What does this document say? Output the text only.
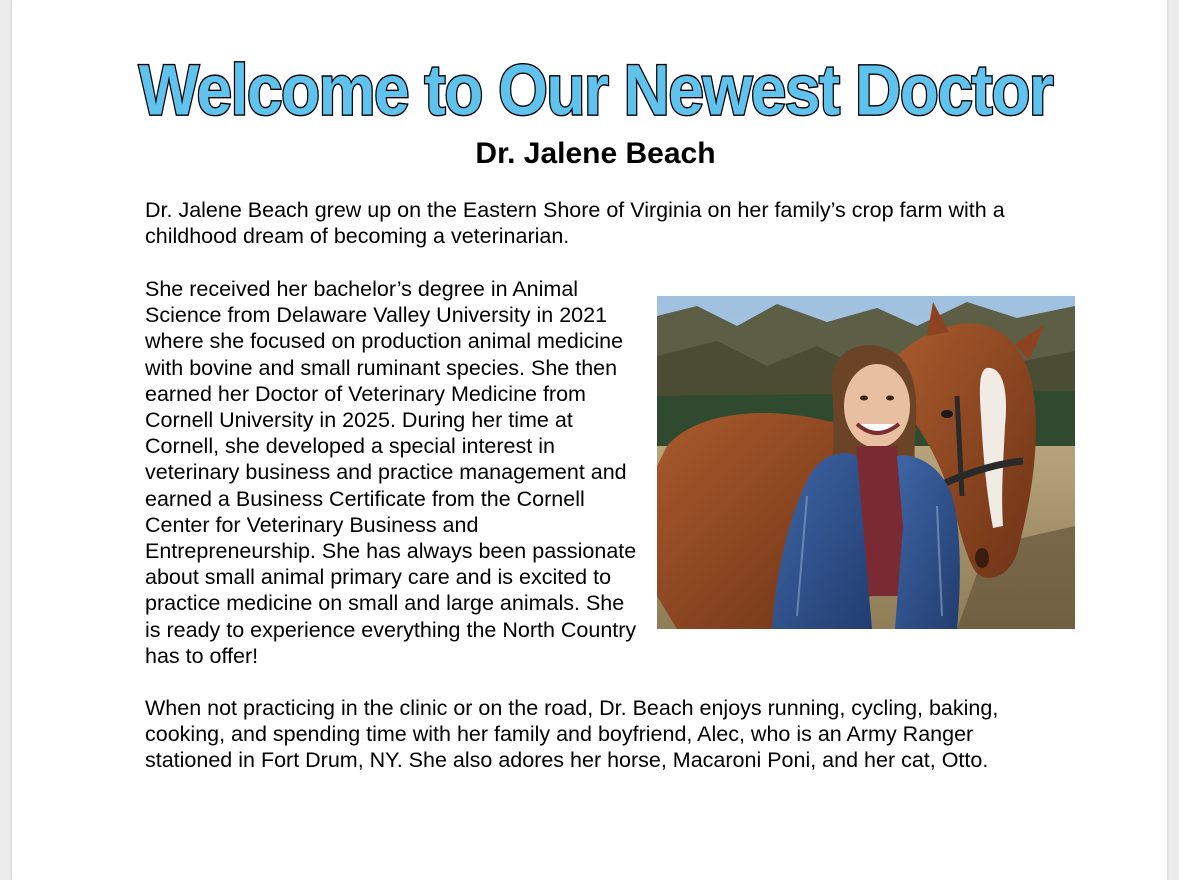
Welcome to Our Newest Doctor
Dr. Jalene Beach

Dr. Jalene Beach grew up on the Eastern Shore of Virginia on her family’s crop farm with a childhood dream of becoming a veterinarian.

She received her bachelor’s degree in Animal Science from Delaware Valley University in 2021 where she focused on production animal medicine with bovine and small ruminant species. She then earned her Doctor of Veterinary Medicine from Cornell University in 2025. During her time at Cornell, she developed a special interest in veterinary business and practice management and earned a Business Certificate from the Cornell Center for Veterinary Business and Entrepreneurship. She has always been passionate about small animal primary care and is excited to practice medicine on small and large animals. She is ready to experience everything the North Country has to offer!

When not practicing in the clinic or on the road, Dr. Beach enjoys running, cycling, baking, cooking, and spending time with her family and boyfriend, Alec, who is an Army Ranger stationed in Fort Drum, NY. She also adores her horse, Macaroni Poni, and her cat, Otto.
